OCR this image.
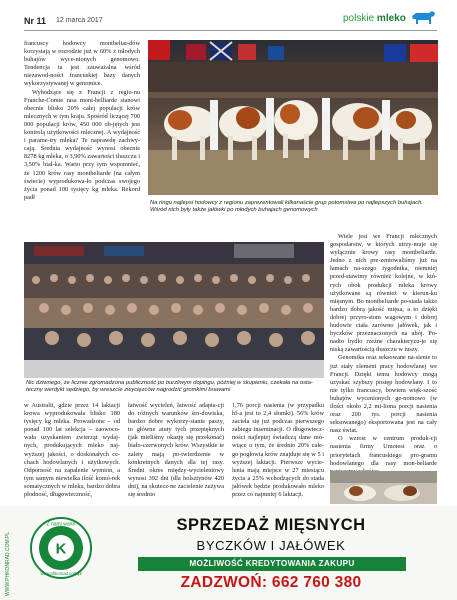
Nr 11 12 marca 2017	polskie mleko

francuscy hodowcy montbeliar-dów korzystają w rozrodzie już w 60% z młodych buhajów wyce-nionych genomowo. Tendencja ta jest zauważalna wśród niezawod-ności francuskiej bazy danych wykorzystywanej w genomice.

Wyhodzące się z Francji z regio-nu Franche-Comte rasa mont-belliarde stanowi obecnie blisko 20% całej populacji krów mlecznych w tym kraju. Spośród liczącej 700 000 populacji krów, 450 000 ob-jętych jest kontrolą użytkowości mlecznej. A wydajność i parame-try mleka? Te naprawdę zachwy-cają. Średnia wydajność wynosi obecnie 8278 kg mleka, o 3,90% zawartości tłuszczu i 3,50% biał-ka. Warto przy tym wspomnieć, że 1200 krów rasy montbeliarde (na całym świecie) wyprodukowa-ło podczas swojego życia ponad 100 tysięcy kg mleka. Rekord padł

Na ringu najlepsi hodowcy z regionu zaprezentowali kilkanaście grup potomstwa po najlepszych buhajach. Wśród nich były także jałówki po młodych buhajach genomowych

Wiele jest we Francji mlecznych gospodarstw, w których utrzy-muje się wyłącznie krowy rasy montbeliarde. Jedno z nich pre-zentowaliśmy już na łamach na-szego tygodnika, niemniej przed-stawimy również kolejne, w któ-rych obok produkcji mleka krowy użytkowane są również w kierun-ku mięsnym. Bo montbeliarde po-siada także bardzo dobrą jakość mięsa, a to dzięki dobrej przyro-stom wagowym i dobrej budowie ciała zarówno jałówek, jak i byczków przeznaczonych na ubój. Po-nadto bydło rzeźne charakteryzu-je się niską zawartością tłuszczu w tuszy.

Genomika oraz seksowane na-sienie to już stały element pracy hodowlanej we Francji. Dzięki temu hodowcy mogą uzyskać szybszy postęp hodowlany. I to nie tylko francuscy, bowiem więk-szość buhajów wycenionych ge-nomowo (w ilości około 2,2 mi-liona porcji nasienia oraz 200 tys. porcji nasienia seksowanego) eksportowana jest na cały nasz świat.

O wzrost w centrum produk-cji nasienia firmy Umotest oraz o priorytetach francuskiego pro-gramu hodowlanego dla rasy mon-beliarde

Nic dziwnego, że licznie zgromadzona publiczność po burzliwym dopingu, później w skupieniu, czekała na osta-teczny werdykt sędziego, by wreszcie zwycięzców nagrodzić gromkimi brawami

w Australii, gdzie przez 14 laktacji krowa wyprodukowała blisko 180 tysięcy kg mleka. Prowadzone – od ponad 100 lat selekcja – zaowoco-wała uzyskaniem zwierząt wydaj-nych, produkujących mleko naj-wyższej jakości, o doskonałych ce-chach hodowlanych i użytkowych. Odporność na zapalenie wymion, a tym samym niewielka ilość komó-rek somatycznych w mleku, bardzo dobra płodność, długowieczność,

łatwość wycieleń, łatwość adapta-cji do różnych warunków śro-dowiska, bardzo dobre wykorzy-stanie paszy, to główne atuty tych przepięknych (jak mieliśmy okazję się przekonać) biało-czerwonych krów. Wszystkie te zalety mają po-twierdzenie w konkretnych danych dla tej rasy. Średni okres między-wycieleniowy wynosi 392 dni (dla holsztynów 420 dni), na skutecz-ne zacielenie zużywa się średnio

1,76 porcji nasienia (w przypadku hf-a jest to 2,4 słomki). 56% krów zacieła się już podczas pierwszego zabiegu inseminacji. O długowiecz-ności najlepiej świadczą dane mó-wiące o tym, że średnio 20% całe-go pogłowia krów znajduje się w 5 i wyższej laktacji. Pierwsze wycie-lenia mają miejsce w 27 miesiącu życia a 25% wchodzących do stada jałówek będzie produkowało mleko przez co najmniej 6 laktacji.

WWW.PHKONRAD.COM.PL	K
Z nami warto
www.phkonrad.com.pl
SPRZEDAŻ MIĘSNYCH
BYCZKÓW I JAŁÓWEK
MOŻLIWOŚĆ KREDYTOWANIA ZAKUPU
ZADZWOŃ: 662 760 380
